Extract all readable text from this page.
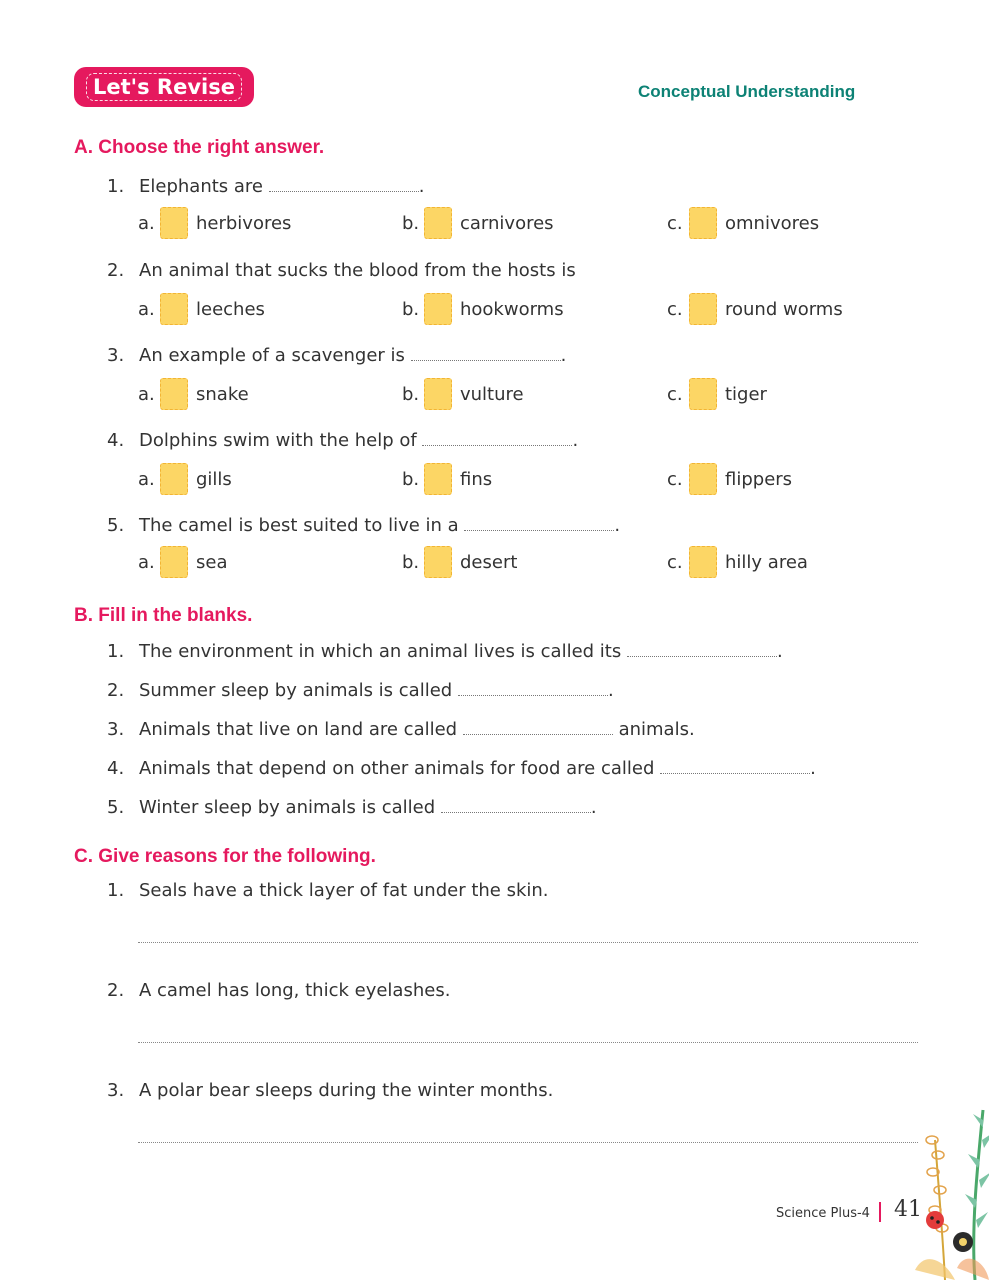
Let's Revise	Conceptual Understanding
A. Choose the right answer.
1. Elephants are	.
a. herbivores	b. carnivores	c.	omnivores
2. An animal that sucks the blood from the hosts is
a. leeches	b. hookworms	c.	round worms
3. An example of a scavenger is	.
a. snake	b. vulture	c.	tiger
4. Dolphins swim with the help of	.
a. gills	b. fins	c.	flippers
5. The camel is best suited to live in a	.
a. sea	b. desert	c.	hilly area
B. Fill in the blanks.
1. The environment in which an animal lives is called its	.
2. Summer sleep by animals is called	.
3. Animals that live on land are called	animals.
4. Animals that depend on other animals for food are called	.
5. Winter sleep by animals is called	.
C. Give reasons for the following.
1. Seals have a thick layer of fat under the skin.
2. A camel has long, thick eyelashes.
3. A polar bear sleeps during the winter months.
Science Plus-4 41
